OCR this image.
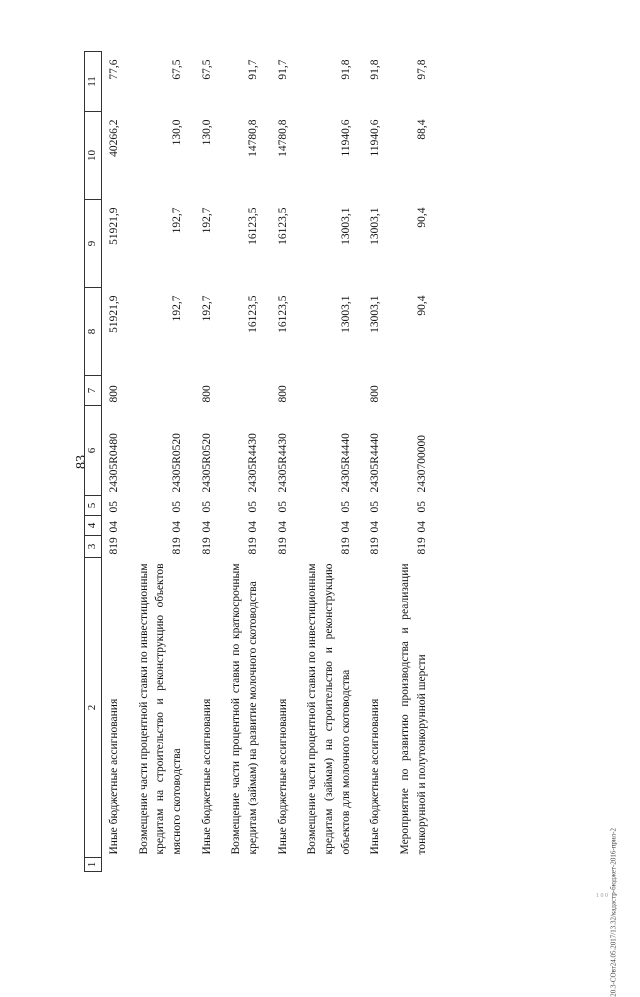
83
1	2	3	4	5	6	7	8	9	10	11
	Иные бюджетные ассигнования	819	04	05	24305R0480	800	51921,9	51921,9	40266,2	77,6
	Возмещение части процентной ставки по инвестиционным кредитам на строительство и реконструкцию объектов мясного скотоводства	819	04	05	24305R0520		192,7	192,7	130,0	67,5
	Иные бюджетные ассигнования	819	04	05	24305R0520	800	192,7	192,7	130,0	67,5
	Возмещение части процентной ставки по краткосрочным кредитам (займам) на развитие молочного скотоводства	819	04	05	24305R4430		16123,5	16123,5	14780,8	91,7
	Иные бюджетные ассигнования	819	04	05	24305R4430	800	16123,5	16123,5	14780,8	91,7
	Возмещение части процентной ставки по инвестиционным кредитам (займам) на строительство и реконструкцию объектов для молочного скотоводства	819	04	05	24305R4440		13003,1	13003,1	11940,6	91,8
	Иные бюджетные ассигнования	819	04	05	24305R4440	800	13003,1	13003,1	11940,6	91,8
	Мероприятие по развитию производства и реализации тонкорунной и полутонкорунной шерсти	819	04	05	2430700000		90,4	90,4	88,4	97,8
20.3-СОвт24.05.2017/13.32/кадастр-бюджет-2016-прил-2
1 0 0
